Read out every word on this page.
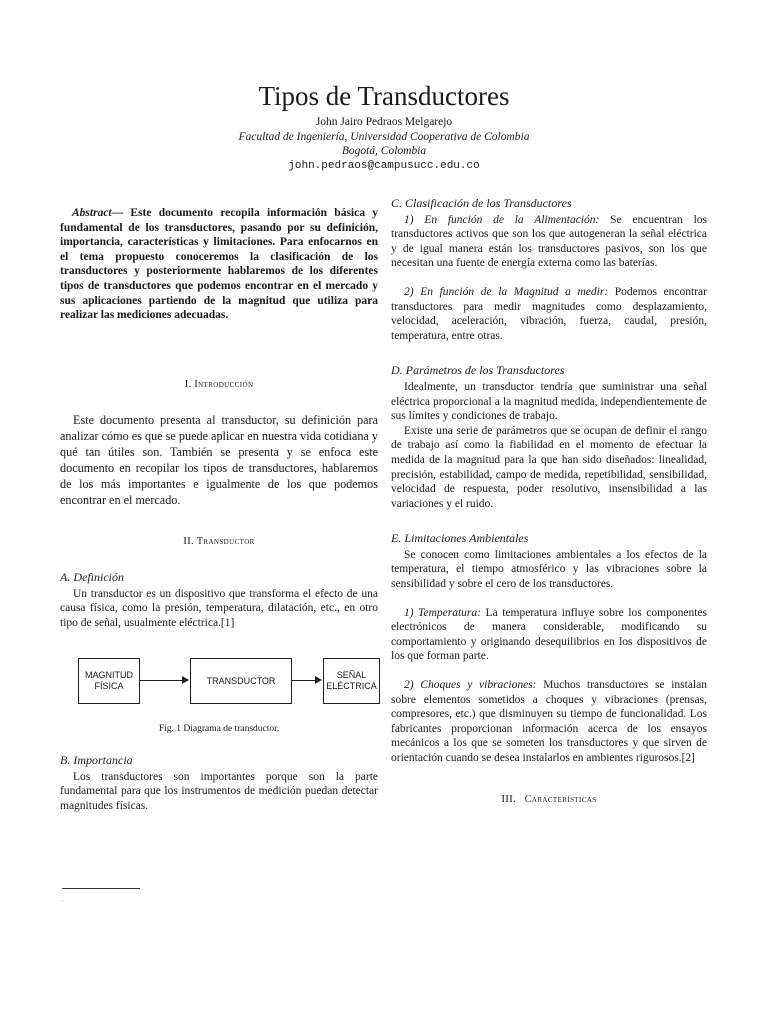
Tipos de Transductores
John Jairo Pedraos Melgarejo
Facultad de Ingeniería, Universidad Cooperativa de Colombia
Bogotá, Colombia
john.pedraos@campusucc.edu.co

Abstract— Este documento recopila información básica y fundamental de los transductores, pasando por su definición, importancia, características y limitaciones. Para enfocarnos en el tema propuesto conoceremos la clasificación de los transductores y posteriormente hablaremos de los diferentes tipos de transductores que podemos encontrar en el mercado y sus aplicaciones partiendo de la magnitud que utiliza para realizar las mediciones adecuadas.

I. Introducción

Este documento presenta al transductor, su definición para analizar cómo es que se puede aplicar en nuestra vida cotidiana y qué tan útiles son. También se presenta y se enfoca este documento en recopilar los tipos de transductores, hablaremos de los más importantes e igualmente de los que podemos encontrar en el mercado.

II. Transductor

A. Definición

Un transductor es un dispositivo que transforma el efecto de una causa física, como la presión, temperatura, dilatación, etc., en otro tipo de señal, usualmente eléctrica.[1]

MAGNITUD
FÍSICA
TRANSDUCTOR
SEÑAL
ELÉCTRICA

Fig. 1 Diagrama de transductor.

B. Importancia

Los transductores son importantes porque son la parte fundamental para que los instrumentos de medición puedan detectar magnitudes físicas.

C. Clasificación de los Transductores

1) En función de la Alimentación: Se encuentran los transductores activos que son los que autogeneran la señal eléctrica y de igual manera están los transductores pasivos, son los que necesitan una fuente de energía externa como las baterías.

2) En función de la Magnitud a medir: Podemos encontrar transductores para medir magnitudes como desplazamiento, velocidad, aceleración, vibración, fuerza, caudal, presión, temperatura, entre otras.

D. Parámetros de los Transductores

Idealmente, un transductor tendría que suministrar una señal eléctrica proporcional a la magnitud medida, independientemente de sus límites y condiciones de trabajo.

Existe una serie de parámetros que se ocupan de definir el rango de trabajo así como la fiabilidad en el momento de efectuar la medida de la magnitud para la que han sido diseñados: linealidad, precisión, estabilidad, campo de medida, repetibilidad, sensibilidad, velocidad de respuesta, poder resolutivo, insensibilidad a las variaciones y el ruido.

E. Limitaciones Ambientales

Se conocen como limitaciones ambientales a los efectos de la temperatura, el tiempo atmosférico y las vibraciones sobre la sensibilidad y sobre el cero de los transductores.

1) Temperatura: La temperatura influye sobre los componentes electrónicos de manera considerable, modificando su comportamiento y originando desequilibrios en los dispositivos de los que forman parte.

2) Choques y vibraciones: Muchos transductores se instalan sobre elementos sometidos a choques y vibraciones (prensas, compresores, etc.) que disminuyen su tiempo de funcionalidad. Los fabricantes proporcionan información acerca de los ensayos mecánicos a los que se someten los transductores y que sirven de orientación cuando se desea instalarlos en ambientes rigurosos.[2]

III. Características

.
